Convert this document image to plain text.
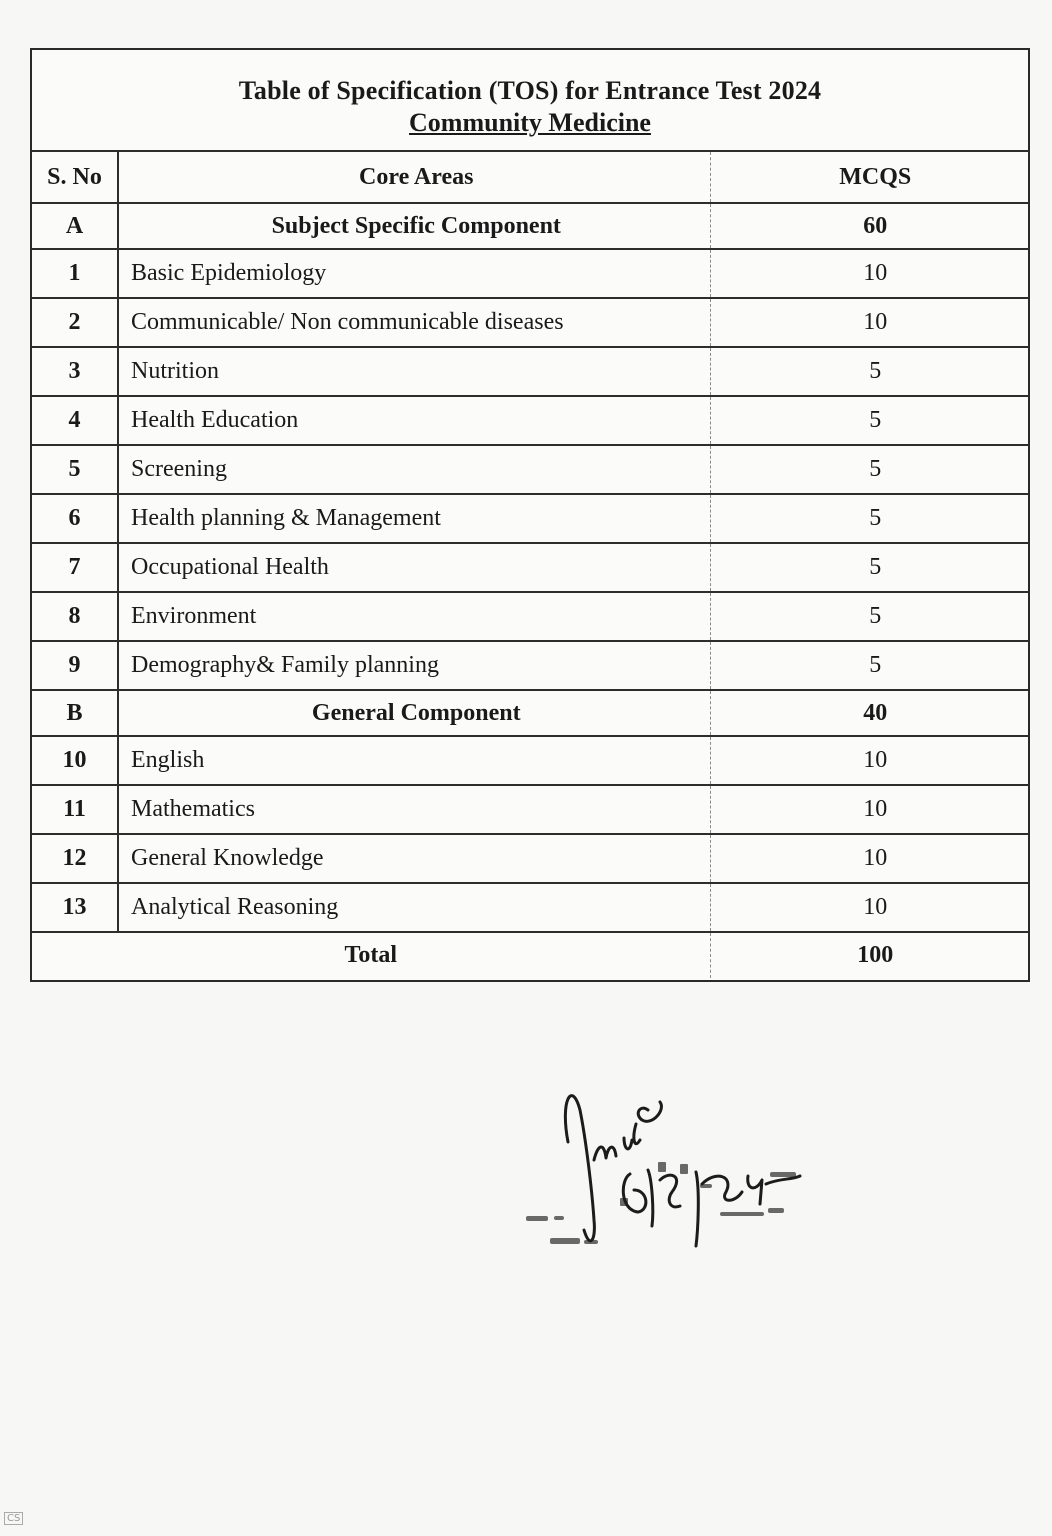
Table of Specification (TOS) for Entrance Test 2024
Community Medicine
S. No	Core Areas	MCQS
A	Subject Specific Component	60
1	Basic Epidemiology	10
2	Communicable/ Non communicable diseases	10
3	Nutrition	5
4	Health Education	5
5	Screening	5
6	Health planning & Management	5
7	Occupational Health	5
8	Environment	5
9	Demography& Family planning	5
B	General Component	40
10	English	10
11	Mathematics	10
12	General Knowledge	10
13	Analytical Reasoning	10
Total		100
CS
